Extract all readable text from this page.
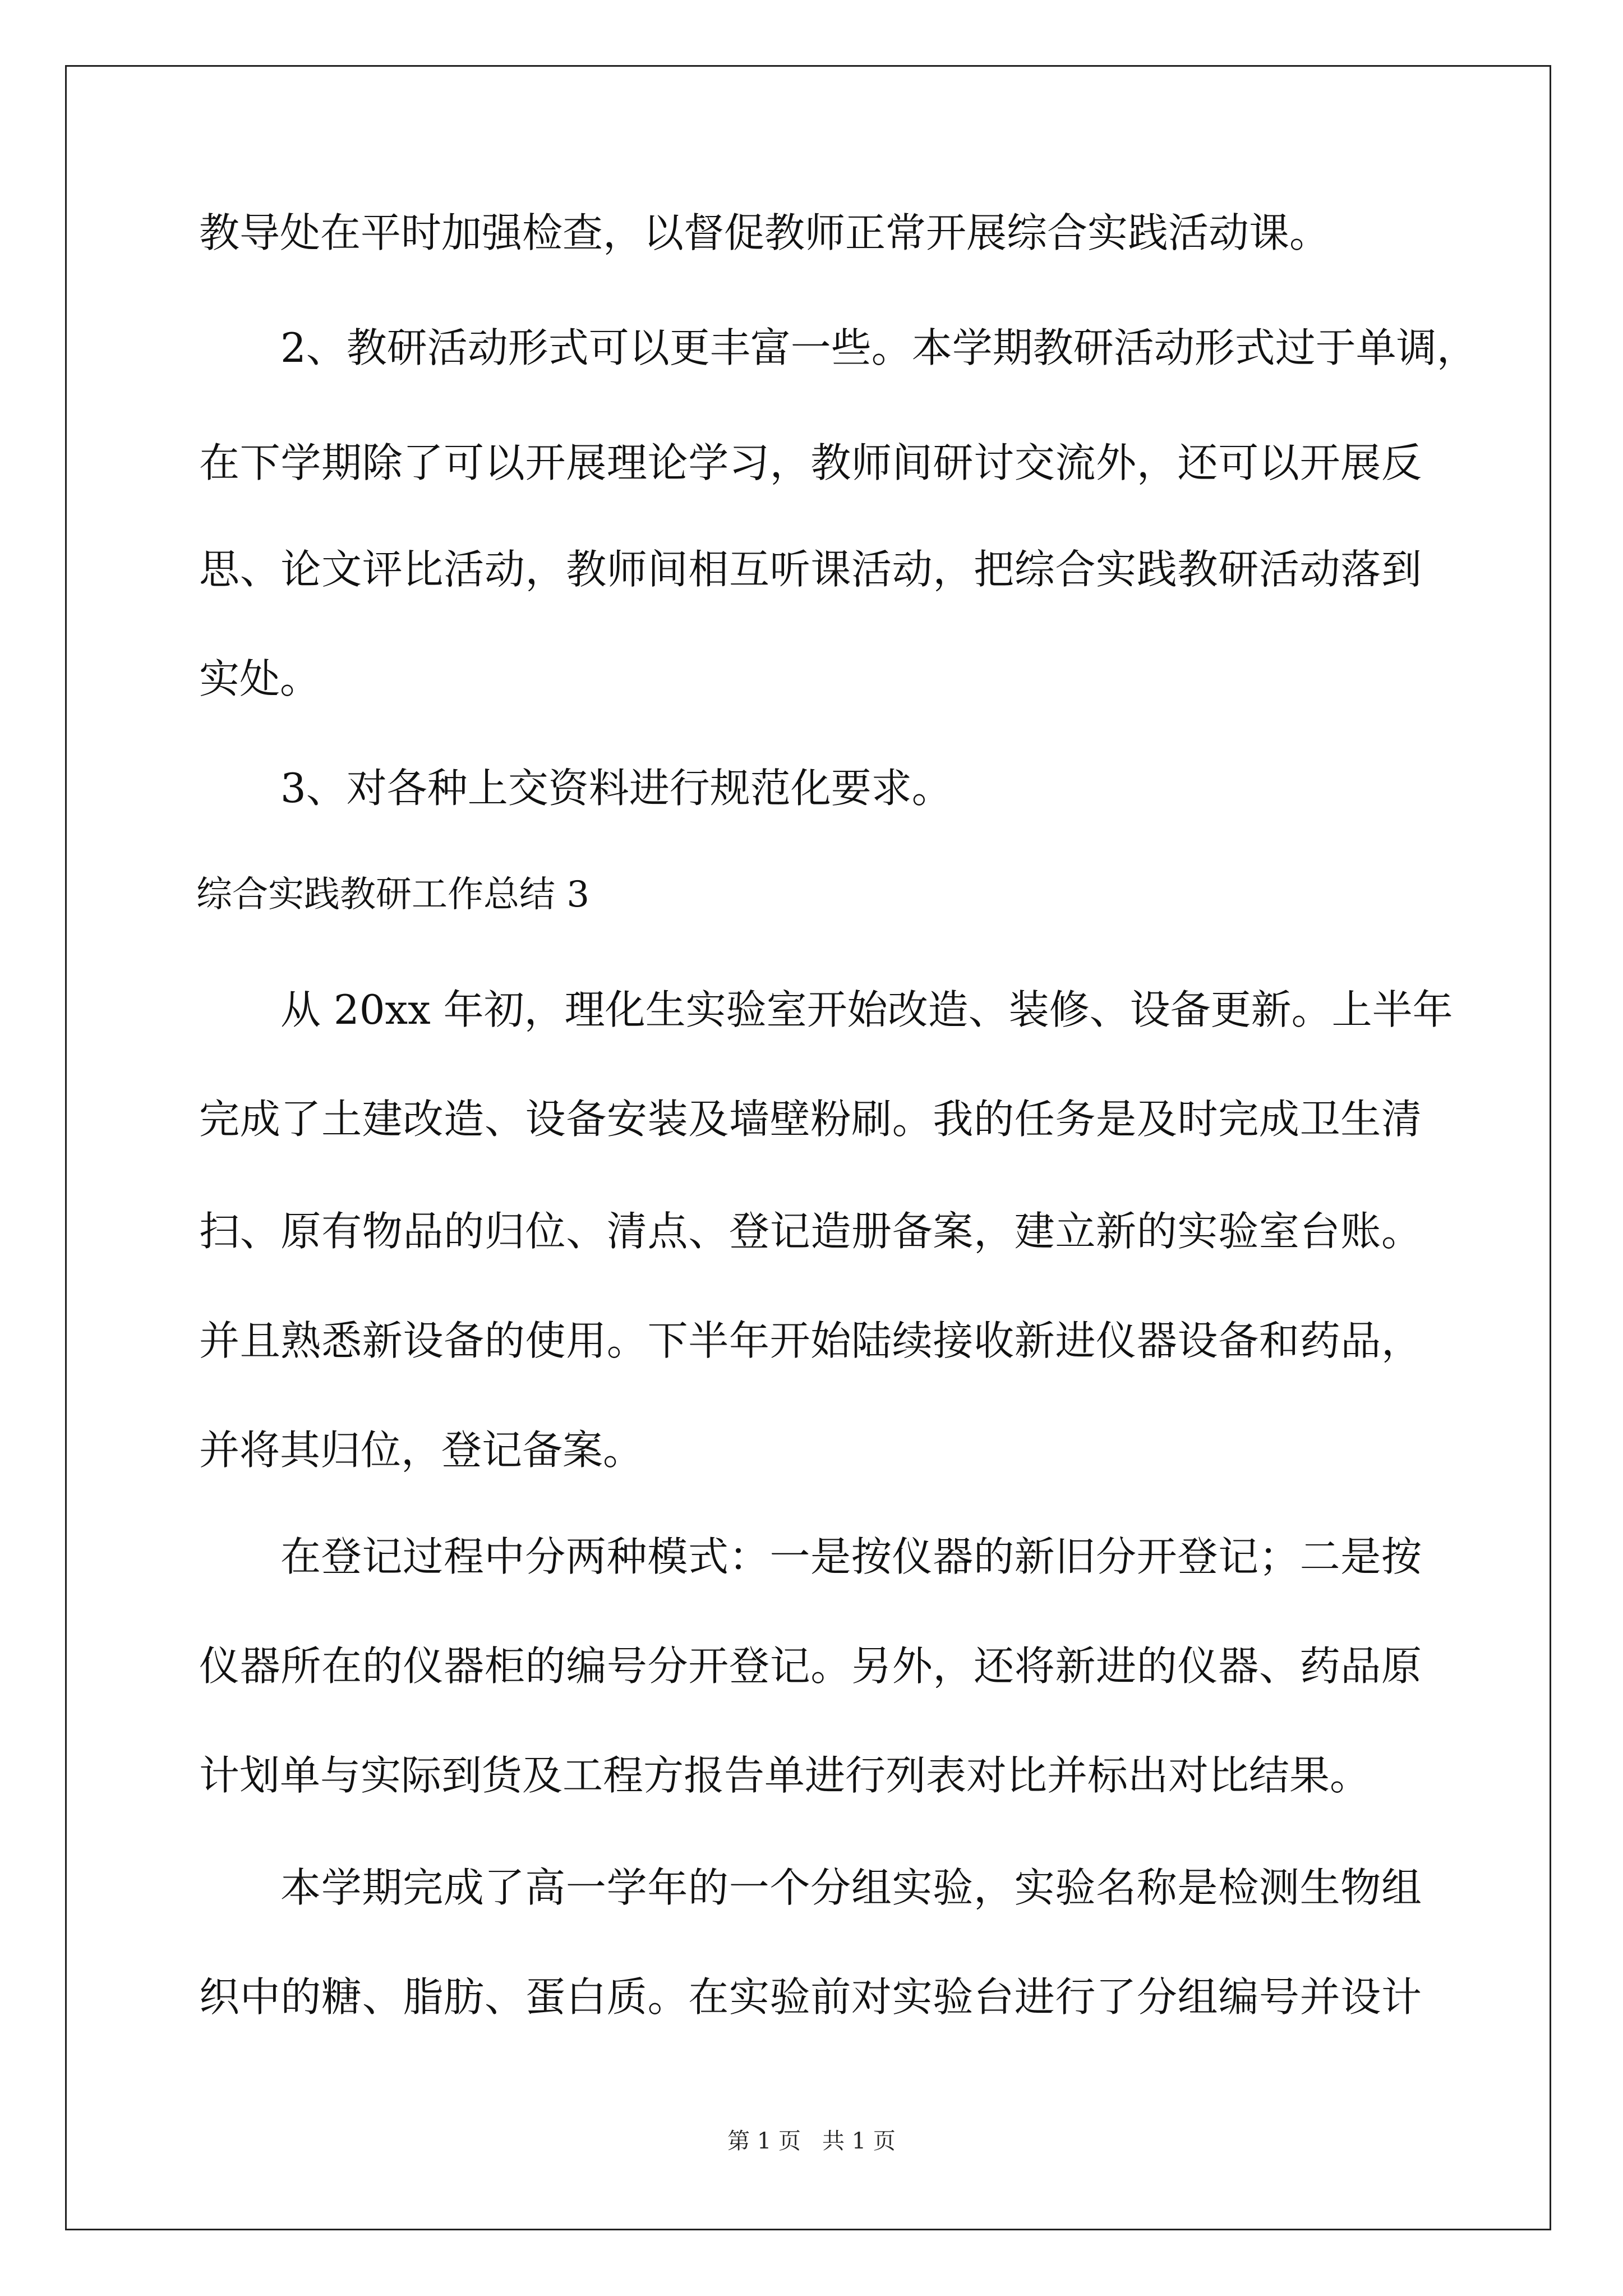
教导处在平时加强检查，以督促教师正常开展综合实践活动课。
2、教研活动形式可以更丰富一些。本学期教研活动形式过于单调，
在下学期除了可以开展理论学习，教师间研讨交流外，还可以开展反
思、论文评比活动，教师间相互听课活动，把综合实践教研活动落到
实处。
3、对各种上交资料进行规范化要求。
综合实践教研工作总结 3
从 20xx 年初，理化生实验室开始改造、装修、设备更新。上半年
完成了土建改造、设备安装及墙壁粉刷。我的任务是及时完成卫生清
扫、原有物品的归位、清点、登记造册备案，建立新的实验室台账。
并且熟悉新设备的使用。下半年开始陆续接收新进仪器设备和药品，
并将其归位，登记备案。
在登记过程中分两种模式：一是按仪器的新旧分开登记；二是按
仪器所在的仪器柜的编号分开登记。另外，还将新进的仪器、药品原
计划单与实际到货及工程方报告单进行列表对比并标出对比结果。
本学期完成了高一学年的一个分组实验，实验名称是检测生物组
织中的糖、脂肪、蛋白质。在实验前对实验台进行了分组编号并设计
第 1 页 共 1 页
